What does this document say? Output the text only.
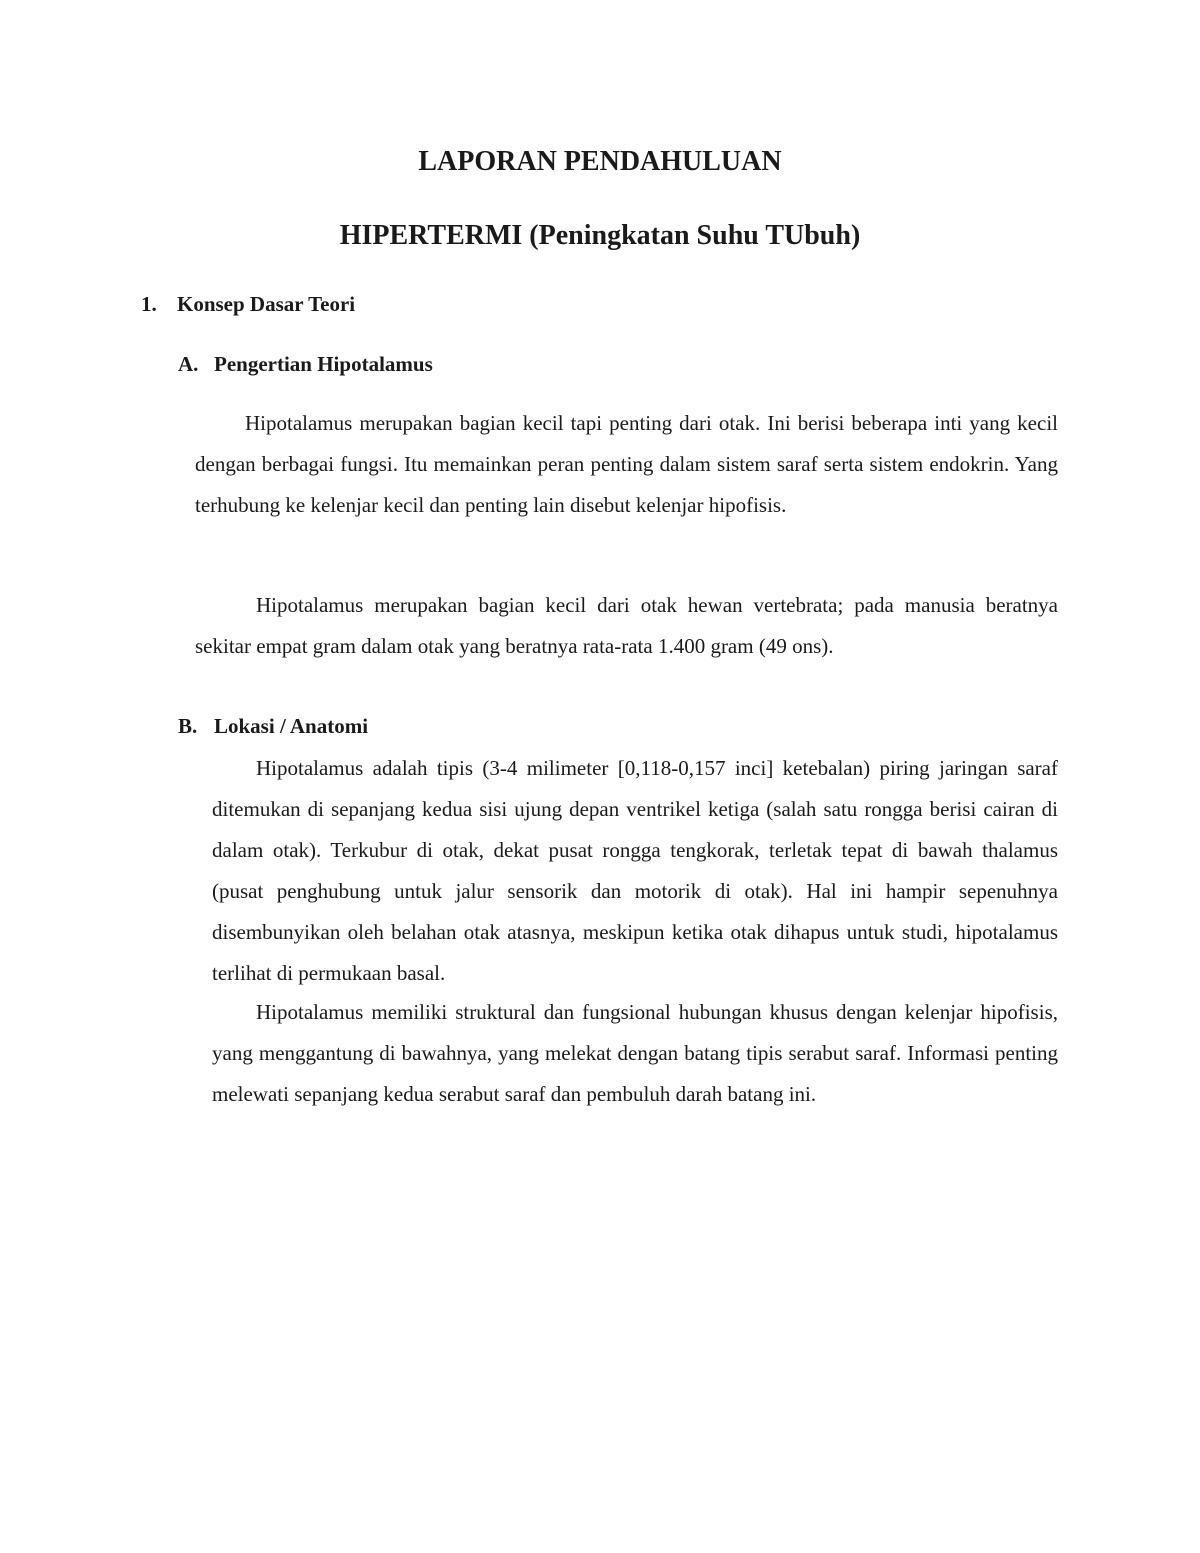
LAPORAN PENDAHULUAN
HIPERTERMI (Peningkatan Suhu TUbuh)
1. Konsep Dasar Teori
A. Pengertian Hipotalamus

Hipotalamus merupakan bagian kecil tapi penting dari otak. Ini berisi beberapa inti yang kecil dengan berbagai fungsi. Itu memainkan peran penting dalam sistem saraf serta sistem endokrin. Yang terhubung ke kelenjar kecil dan penting lain disebut kelenjar hipofisis.

Hipotalamus merupakan bagian kecil dari otak hewan vertebrata; pada manusia beratnya sekitar empat gram dalam otak yang beratnya rata-rata 1.400 gram (49 ons).

B. Lokasi / Anatomi

Hipotalamus adalah tipis (3-4 milimeter [0,118-0,157 inci] ketebalan) piring jaringan saraf ditemukan di sepanjang kedua sisi ujung depan ventrikel ketiga (salah satu rongga berisi cairan di dalam otak). Terkubur di otak, dekat pusat rongga tengkorak, terletak tepat di bawah thalamus (pusat penghubung untuk jalur sensorik dan motorik di otak). Hal ini hampir sepenuhnya disembunyikan oleh belahan otak atasnya, meskipun ketika otak dihapus untuk studi, hipotalamus terlihat di permukaan basal.

Hipotalamus memiliki struktural dan fungsional hubungan khusus dengan kelenjar hipofisis, yang menggantung di bawahnya, yang melekat dengan batang tipis serabut saraf. Informasi penting melewati sepanjang kedua serabut saraf dan pembuluh darah batang ini.
